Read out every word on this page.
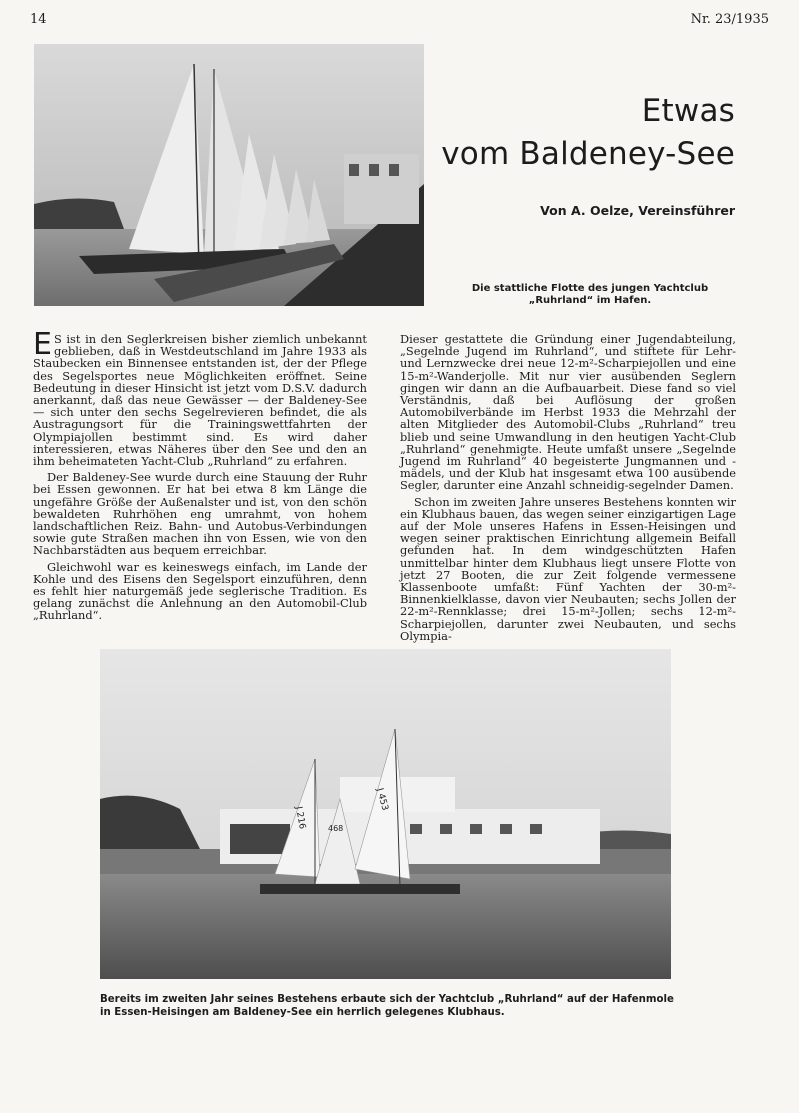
14	Nr. 23/1935
Etwas
vom Baldeney-See
Von A. Oelze, Vereinsführer
Die stattliche Flotte des jungen Yachtclub „Ruhrland“ im Hafen.

E S ist in den Seglerkreisen bisher ziemlich unbekannt geblieben, daß in Westdeutschland im Jahre 1933 als Staubecken ein Binnensee entstanden ist, der der Pflege des Segelsportes neue Möglichkeiten eröffnet. Seine Bedeutung in dieser Hinsicht ist jetzt vom D.S.V. dadurch anerkannt, daß das neue Gewässer — der Baldeney-See — sich unter den sechs Segelrevieren befindet, die als Austragungsort für die Trainingswettfahrten der Olympiajollen bestimmt sind. Es wird daher interessieren, etwas Näheres über den See und den an ihm beheimateten Yacht-Club „Ruhrland“ zu erfahren.

Der Baldeney-See wurde durch eine Stauung der Ruhr bei Essen gewonnen. Er hat bei etwa 8 km Länge die ungefähre Größe der Außenalster und ist, von den schön bewaldeten Ruhrhöhen eng umrahmt, von hohem landschaftlichen Reiz. Bahn- und Autobus-Verbindungen sowie gute Straßen machen ihn von Essen, wie von den Nachbarstädten aus bequem erreichbar.

Gleichwohl war es keineswegs einfach, im Lande der Kohle und des Eisens den Segelsport einzuführen, denn es fehlt hier naturgemäß jede seglerische Tradition. Es gelang zunächst die Anlehnung an den Automobil-Club „Ruhrland“.

Dieser gestattete die Gründung einer Jugendabteilung, „Segelnde Jugend im Ruhrland“, und stiftete für Lehr- und Lernzwecke drei neue 12-m²-Scharpiejollen und eine 15-m²-Wanderjolle. Mit nur vier ausübenden Seglern gingen wir dann an die Aufbauarbeit. Diese fand so viel Verständnis, daß bei Auflösung der großen Automobilverbände im Herbst 1933 die Mehrzahl der alten Mitglieder des Automobil-Clubs „Ruhrland“ treu blieb und seine Umwandlung in den heutigen Yacht-Club „Ruhrland“ genehmigte. Heute umfaßt unsere „Segelnde Jugend im Ruhrland“ 40 begeisterte Jungmannen und -mädels, und der Klub hat insgesamt etwa 100 ausübende Segler, darunter eine Anzahl schneidig-segelnder Damen.

Schon im zweiten Jahre unseres Bestehens konnten wir ein Klubhaus bauen, das wegen seiner einzigartigen Lage auf der Mole unseres Hafens in Essen-Heisingen und wegen seiner praktischen Einrichtung allgemein Beifall gefunden hat. In dem windgeschützten Hafen unmittelbar hinter dem Klubhaus liegt unsere Flotte von jetzt 27 Booten, die zur Zeit folgende vermessene Klassenboote umfaßt: Fünf Yachten der 30-m²-Binnenkielklasse, davon vier Neubauten; sechs Jollen der 22-m²-Rennklasse; drei 15-m²-Jollen; sechs 12-m²-Scharpiejollen, darunter zwei Neubauten, und sechs Olympia-

J 453
J 216	468
Bereits im zweiten Jahr seines Bestehens erbaute sich der Yachtclub „Ruhrland“ auf der Hafenmole in Essen-Heisingen am Baldeney-See ein herrlich gelegenes Klubhaus.
